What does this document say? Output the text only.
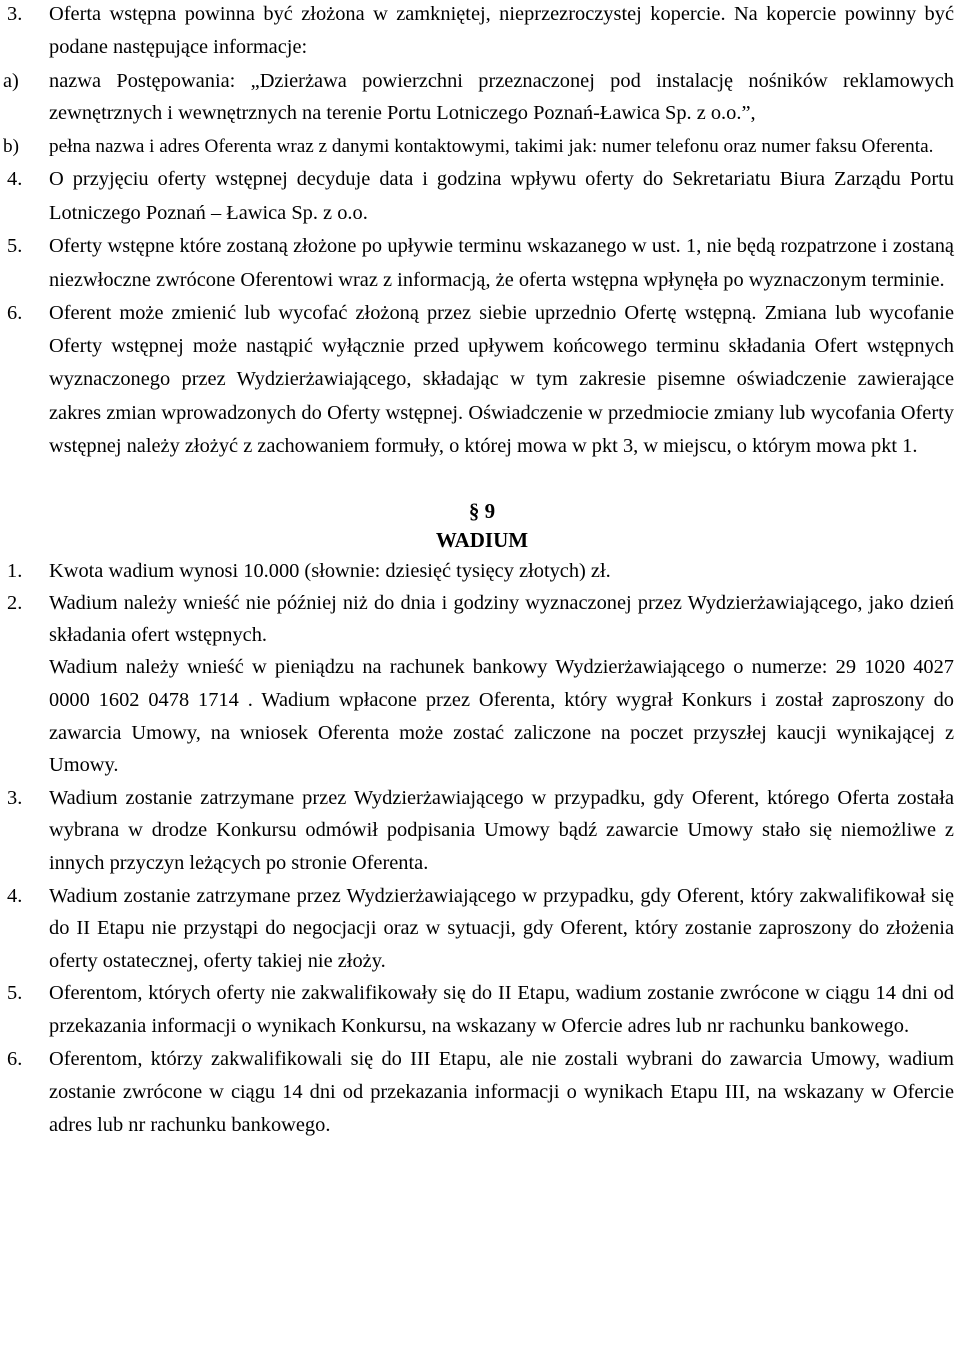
3. Oferta wstępna powinna być złożona w zamkniętej, nieprzezroczystej kopercie. Na kopercie powinny być podane następujące informacje:
a) nazwa Postępowania: „Dzierżawa powierzchni przeznaczonej pod instalację nośników reklamowych zewnętrznych i wewnętrznych na terenie Portu Lotniczego Poznań-Ławica Sp. z o.o.”,
b) pełna nazwa i adres Oferenta wraz z danymi kontaktowymi, takimi jak: numer telefonu oraz numer faksu Oferenta.
4. O przyjęciu oferty wstępnej decyduje data i godzina wpływu oferty do Sekretariatu Biura Zarządu Portu Lotniczego Poznań – Ławica Sp. z o.o.
5. Oferty wstępne które zostaną złożone po upływie terminu wskazanego w ust. 1, nie będą rozpatrzone i zostaną niezwłoczne zwrócone Oferentowi wraz z informacją, że oferta wstępna wpłynęła po wyznaczonym terminie.
6. Oferent może zmienić lub wycofać złożoną przez siebie uprzednio Ofertę wstępną. Zmiana lub wycofanie Oferty wstępnej może nastąpić wyłącznie przed upływem końcowego terminu składania Ofert wstępnych wyznaczonego przez Wydzierżawiającego, składając w tym zakresie pisemne oświadczenie zawierające zakres zmian wprowadzonych do Oferty wstępnej. Oświadczenie w przedmiocie zmiany lub wycofania Oferty wstępnej należy złożyć z zachowaniem formuły, o której mowa w pkt 3, w miejscu, o którym mowa pkt 1.
§ 9
WADIUM
1. Kwota wadium wynosi 10.000 (słownie: dziesięć tysięcy złotych) zł.
2. Wadium należy wnieść nie później niż do dnia i godziny wyznaczonej przez Wydzierżawiającego, jako dzień składania ofert wstępnych.
Wadium należy wnieść w pieniądzu na rachunek bankowy Wydzierżawiającego o numerze: 29 1020 4027 0000 1602 0478 1714 . Wadium wpłacone przez Oferenta, który wygrał Konkurs i został zaproszony do zawarcia Umowy, na wniosek Oferenta może zostać zaliczone na poczet przyszłej kaucji wynikającej z Umowy.
3. Wadium zostanie zatrzymane przez Wydzierżawiającego w przypadku, gdy Oferent, którego Oferta została wybrana w drodze Konkursu odmówił podpisania Umowy bądź zawarcie Umowy stało się niemożliwe z innych przyczyn leżących po stronie Oferenta.
4. Wadium zostanie zatrzymane przez Wydzierżawiającego w przypadku, gdy Oferent, który zakwalifikował się do II Etapu nie przystąpi do negocjacji oraz w sytuacji, gdy Oferent, który zostanie zaproszony do złożenia oferty ostatecznej, oferty takiej nie złoży.
5. Oferentom, których oferty nie zakwalifikowały się do II Etapu, wadium zostanie zwrócone w ciągu 14 dni od przekazania informacji o wynikach Konkursu, na wskazany w Ofercie adres lub nr rachunku bankowego.
6. Oferentom, którzy zakwalifikowali się do III Etapu, ale nie zostali wybrani do zawarcia Umowy, wadium zostanie zwrócone w ciągu 14 dni od przekazania informacji o wynikach Etapu III, na wskazany w Ofercie adres lub nr rachunku bankowego.
